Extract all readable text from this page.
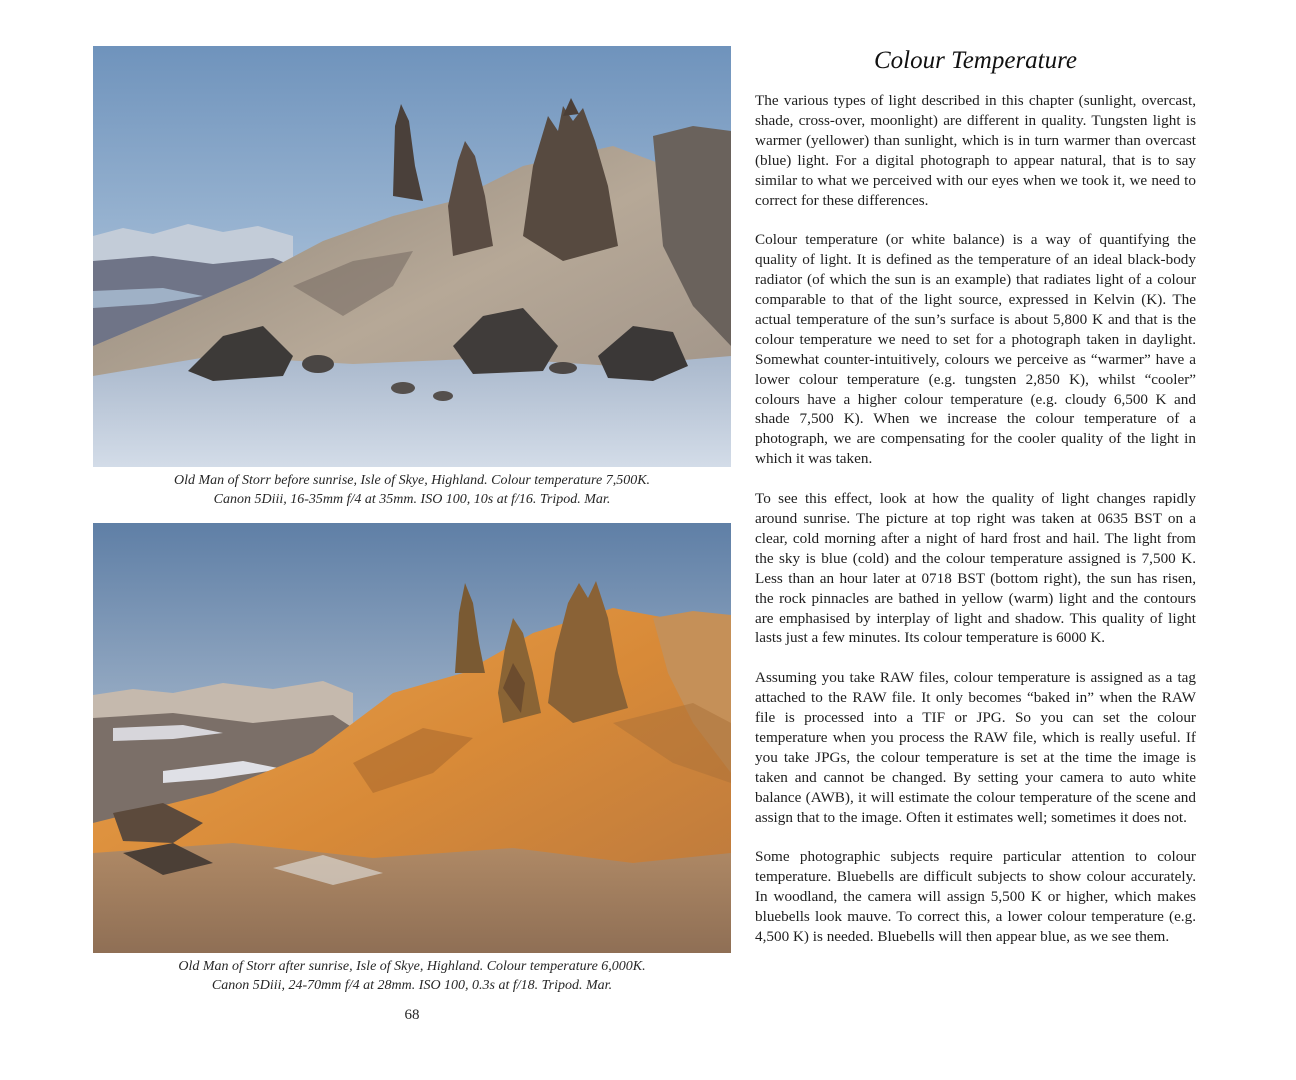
Old Man of Storr before sunrise, Isle of Skye, Highland. Colour temperature 7,500K.
Canon 5Diii, 16-35mm f/4 at 35mm. ISO 100, 10s at f/16. Tripod. Mar.
Old Man of Storr after sunrise, Isle of Skye, Highland. Colour temperature 6,000K.
Canon 5Diii, 24-70mm f/4 at 28mm. ISO 100, 0.3s at f/18. Tripod. Mar.
68
Colour Temperature

The various types of light described in this chapter (sunlight, overcast, shade, cross-over, moonlight) are different in quality. Tungsten light is warmer (yellower) than sunlight, which is in turn warmer than overcast (blue) light. For a digital photograph to appear natural, that is to say similar to what we perceived with our eyes when we took it, we need to correct for these differences.

Colour temperature (or white balance) is a way of quantifying the quality of light. It is defined as the temperature of an ideal black-body radiator (of which the sun is an example) that radiates light of a colour comparable to that of the light source, expressed in Kelvin (K). The actual temperature of the sun’s surface is about 5,800 K and that is the colour temperature we need to set for a photograph taken in daylight. Somewhat counter-intuitively, colours we perceive as “warmer” have a lower colour temperature (e.g. tungsten 2,850 K), whilst “cooler” colours have a higher colour temperature (e.g. cloudy 6,500 K and shade 7,500 K). When we increase the colour temperature of a photograph, we are compensating for the cooler quality of the light in which it was taken.

To see this effect, look at how the quality of light changes rapidly around sunrise. The picture at top right was taken at 0635 BST on a clear, cold morning after a night of hard frost and hail. The light from the sky is blue (cold) and the colour temperature assigned is 7,500 K. Less than an hour later at 0718 BST (bottom right), the sun has risen, the rock pinnacles are bathed in yellow (warm) light and the contours are emphasised by interplay of light and shadow. This quality of light lasts just a few minutes. Its colour temperature is 6000 K.

Assuming you take RAW files, colour temperature is assigned as a tag attached to the RAW file. It only becomes “baked in” when the RAW file is processed into a TIF or JPG. So you can set the colour temperature when you process the RAW file, which is really useful. If you take JPGs, the colour temperature is set at the time the image is taken and cannot be changed. By setting your camera to auto white balance (AWB), it will estimate the colour temperature of the scene and assign that to the image. Often it estimates well; sometimes it does not.

Some photographic subjects require particular attention to colour temperature. Bluebells are difficult subjects to show colour accurately. In woodland, the camera will assign 5,500 K or higher, which makes bluebells look mauve. To correct this, a lower colour temperature (e.g. 4,500 K) is needed. Bluebells will then appear blue, as we see them.
